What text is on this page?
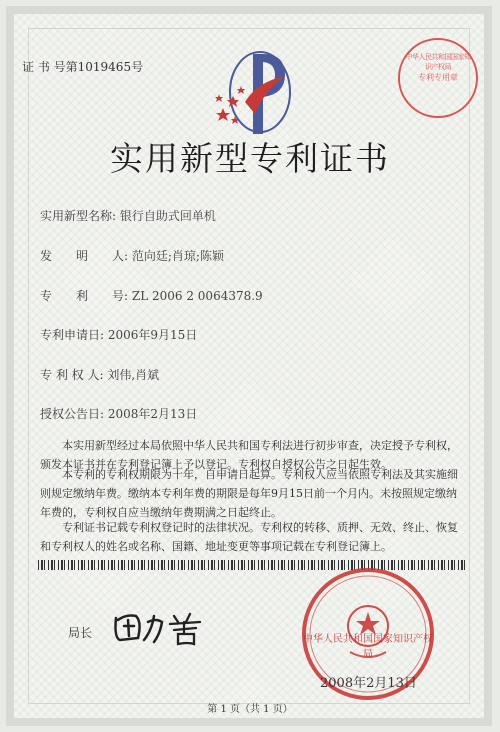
证 书 号第1019465号
中华人民共和国国家知识产权局
专利专用章
实用新型专利证书
实用新型名称: 银行自助式回单机
发　　明　　人: 范向廷;肖琼;陈颖
专　　利　　号: ZL 2006 2 0064378.9
专利申请日: 2006年9月15日
专 利 权 人: 刘伟,肖斌
授权公告日: 2008年2月13日
本实用新型经过本局依照中华人民共和国专利法进行初步审查，决定授予专利权，颁发本证书并在专利登记簿上予以登记。专利权自授权公告之日起生效。
本专利的专利权期限为十年，自申请日起算。专利权人应当依照专利法及其实施细则规定缴纳年费。缴纳本专利年费的期限是每年9月15日前一个月内。未按照规定缴纳年费的，专利权自应当缴纳年费期满之日起终止。
专利证书记载专利权登记时的法律状况。专利权的转移、质押、无效、终止、恢复和专利权人的姓名或名称、国籍、地址变更等事项记载在专利登记簿上。
局长	中华人民共和国国家知识产权局
2008年2月13日
第 1 页（共 1 页）
